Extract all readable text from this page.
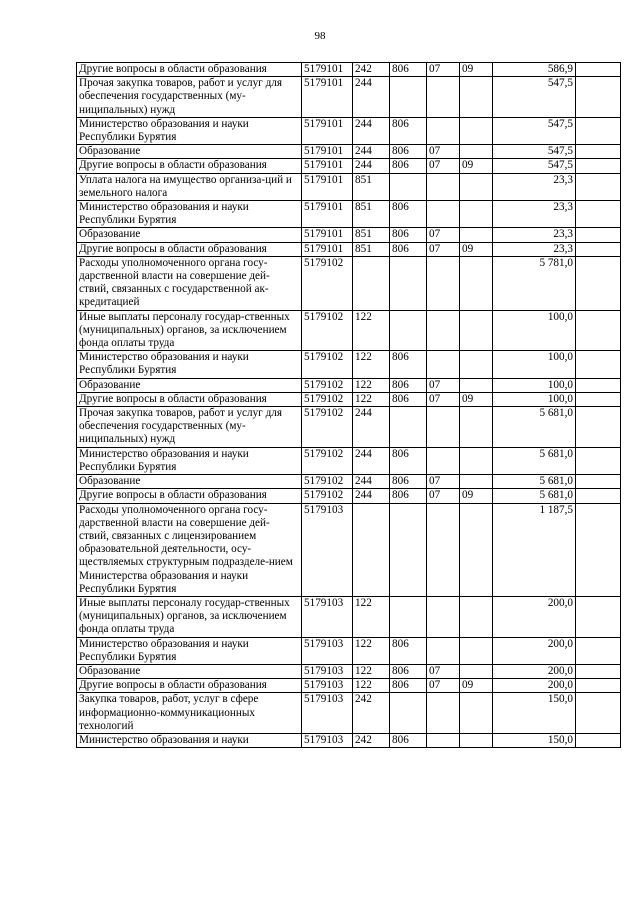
98
Другие вопросы в области образования	5179101	242	806	07	09	586,9	
Прочая закупка товаров, работ и услуг для обеспечения государственных (му-ниципальных) нужд	5179101	244				547,5	
Министерство образования и науки Республики Бурятия	5179101	244	806			547,5	
Образование	5179101	244	806	07		547,5	
Другие вопросы в области образования	5179101	244	806	07	09	547,5	
Уплата налога на имущество организа-ций и земельного налога	5179101	851				23,3	
Министерство образования и науки Республики Бурятия	5179101	851	806			23,3	
Образование	5179101	851	806	07		23,3	
Другие вопросы в области образования	5179101	851	806	07	09	23,3	
Расходы уполномоченного органа госу-дарственной власти на совершение дей-ствий, связанных с государственной ак-кредитацией	5179102					5 781,0	
Иные выплаты персоналу государ-ственных (муниципальных) органов, за исключением фонда оплаты труда	5179102	122				100,0	
Министерство образования и науки Республики Бурятия	5179102	122	806			100,0	
Образование	5179102	122	806	07		100,0	
Другие вопросы в области образования	5179102	122	806	07	09	100,0	
Прочая закупка товаров, работ и услуг для обеспечения государственных (му-ниципальных) нужд	5179102	244				5 681,0	
Министерство образования и науки Республики Бурятия	5179102	244	806			5 681,0	
Образование	5179102	244	806	07		5 681,0	
Другие вопросы в области образования	5179102	244	806	07	09	5 681,0	
Расходы уполномоченного органа госу-дарственной власти на совершение дей-ствий, связанных с лицензированием образовательной деятельности, осу-ществляемых структурным подразделе-нием Министерства образования и науки Республики Бурятия	5179103					1 187,5	
Иные выплаты персоналу государ-ственных (муниципальных) органов, за исключением фонда оплаты труда	5179103	122				200,0	
Министерство образования и науки Республики Бурятия	5179103	122	806			200,0	
Образование	5179103	122	806	07		200,0	
Другие вопросы в области образования	5179103	122	806	07	09	200,0	
Закупка товаров, работ, услуг в сфере информационно-коммуникационных технологий	5179103	242				150,0	
Министерство образования и науки	5179103	242	806			150,0	
